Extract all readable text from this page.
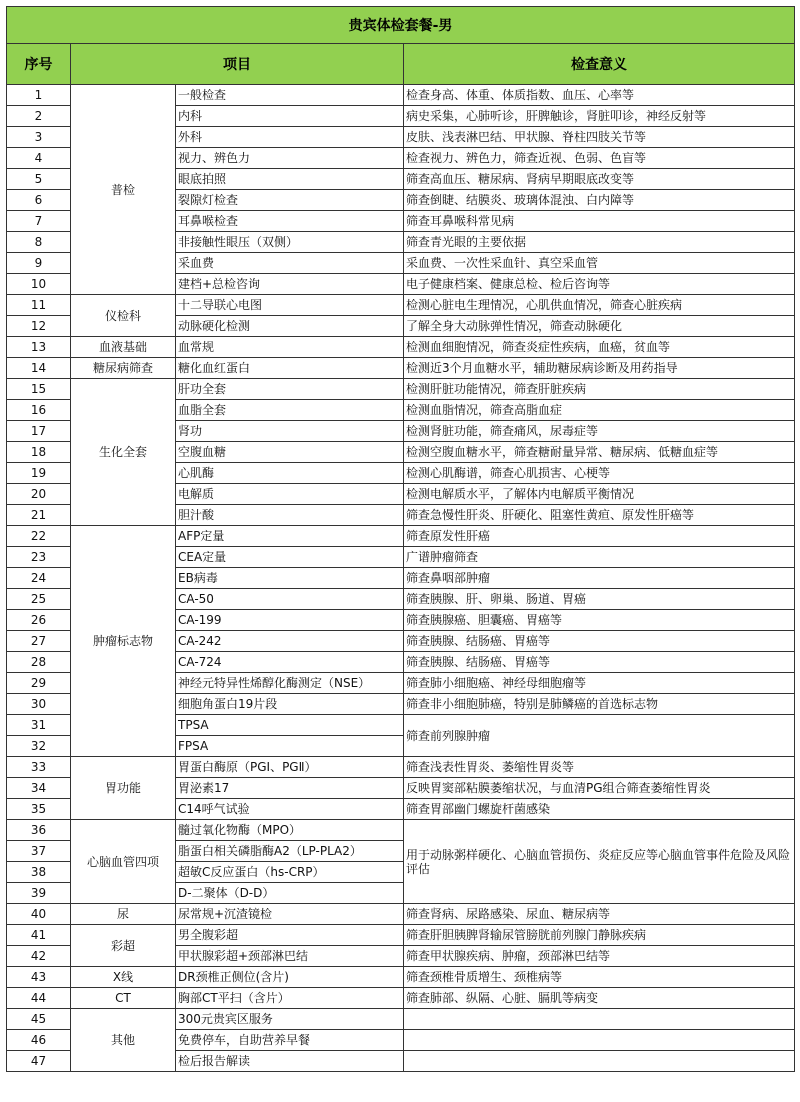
贵宾体检套餐-男			
序号	项目		检查意义
1	普检	一般检查	检查身高、体重、体质指数、血压、心率等
2		内科	病史采集，心肺听诊，肝脾触诊，肾脏叩诊，神经反射等
3		外科	皮肤、浅表淋巴结、甲状腺、脊柱四肢关节等
4		视力、辨色力	检查视力、辨色力，筛查近视、色弱、色盲等
5		眼底拍照	筛查高血压、糖尿病、肾病早期眼底改变等
6		裂隙灯检查	筛查倒睫、结膜炎、玻璃体混浊、白内障等
7		耳鼻喉检查	筛查耳鼻喉科常见病
8		非接触性眼压（双侧）	筛查青光眼的主要依据
9		采血费	采血费、一次性采血针、真空采血管
10		建档+总检咨询	电子健康档案、健康总检、检后咨询等
11	仪检科	十二导联心电图	检测心脏电生理情况，心肌供血情况，筛查心脏疾病
12		动脉硬化检测	了解全身大动脉弹性情况，筛查动脉硬化
13	血液基础	血常规	检测血细胞情况，筛查炎症性疾病，血癌，贫血等
14	糖尿病筛查	糖化血红蛋白	检测近3个月血糖水平，辅助糖尿病诊断及用药指导
15	生化全套	肝功全套	检测肝脏功能情况，筛查肝脏疾病
16		血脂全套	检测血脂情况，筛查高脂血症
17		肾功	检测肾脏功能，筛查痛风，尿毒症等
18		空腹血糖	检测空腹血糖水平，筛查糖耐量异常、糖尿病、低糖血症等
19		心肌酶	检测心肌酶谱，筛查心肌损害、心梗等
20		电解质	检测电解质水平，了解体内电解质平衡情况
21		胆汁酸	筛查急慢性肝炎、肝硬化、阻塞性黄疸、原发性肝癌等
22	肿瘤标志物	AFP定量	筛查原发性肝癌
23		CEA定量	广谱肿瘤筛查
24		EB病毒	筛查鼻咽部肿瘤
25		CA-50	筛查胰腺、肝、卵巢、肠道、胃癌
26		CA-199	筛查胰腺癌、胆囊癌、胃癌等
27		CA-242	筛查胰腺、结肠癌、胃癌等
28		CA-724	筛查胰腺、结肠癌、胃癌等
29		神经元特异性烯醇化酶测定（NSE）	筛查肺小细胞癌、神经母细胞瘤等
30		细胞角蛋白19片段	筛查非小细胞肺癌，特别是肺鳞癌的首选标志物
31		TPSA	筛查前列腺肿瘤
32		FPSA	
33	胃功能	胃蛋白酶原（PGⅠ、PGⅡ）	筛查浅表性胃炎、萎缩性胃炎等
34		胃泌素17	反映胃窦部粘膜萎缩状况，与血清PG组合筛查萎缩性胃炎
35		C14呼气试验	筛查胃部幽门螺旋杆菌感染
36	心脑血管四项	髓过氧化物酶（MPO）	用于动脉粥样硬化、心脑血管损伤、炎症反应等心脑血管事件危险及风险评估
37		脂蛋白相关磷脂酶A2（LP-PLA2）	
38		超敏C反应蛋白（hs-CRP）	
39		D-二聚体（D-D）	
40	尿	尿常规+沉渣镜检	筛查肾病、尿路感染、尿血、糖尿病等
41	彩超	男全腹彩超	筛查肝胆胰脾肾输尿管膀胱前列腺门静脉疾病
42		甲状腺彩超+颈部淋巴结	筛查甲状腺疾病、肿瘤，颈部淋巴结等
43	X线	DR颈椎正侧位(含片)	筛查颈椎骨质增生、颈椎病等
44	CT	胸部CT平扫（含片）	筛查肺部、纵隔、心脏、膈肌等病变
45	其他	300元贵宾区服务	
46		免费停车，自助营养早餐	
47		检后报告解读	
